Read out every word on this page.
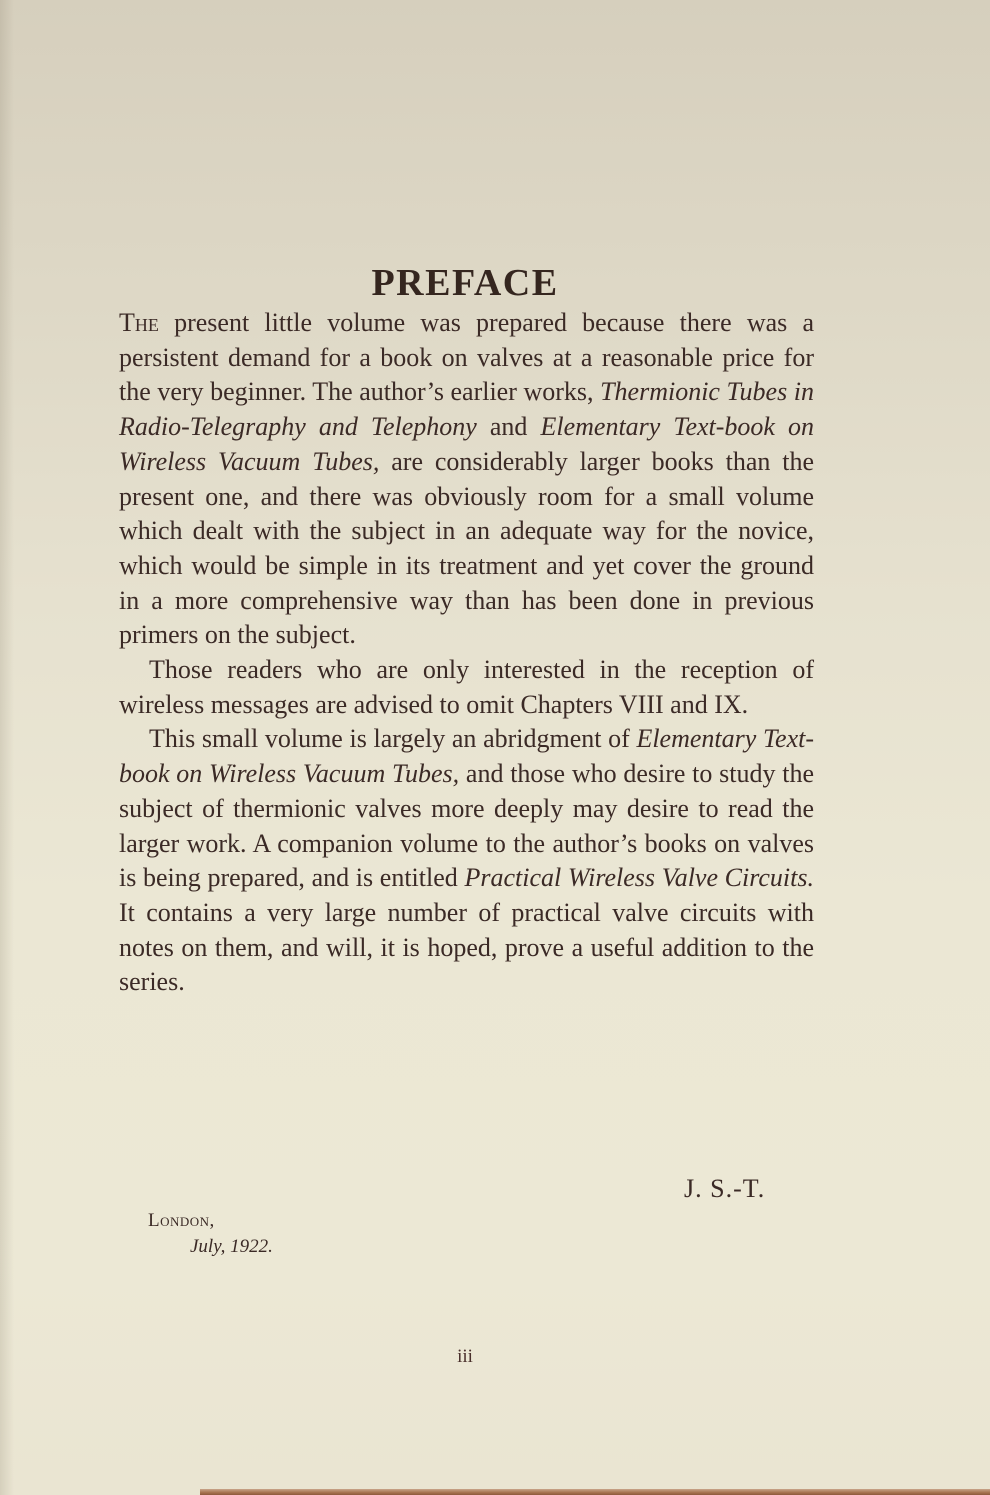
PREFACE

The present little volume was prepared because there was a persistent demand for a book on valves at a reasonable price for the very beginner. The author’s earlier works, Thermionic Tubes in Radio-Telegraphy and Telephony and Elementary Text-book on Wireless Vacuum Tubes, are considerably larger books than the present one, and there was obviously room for a small volume which dealt with the subject in an adequate way for the novice, which would be simple in its treatment and yet cover the ground in a more comprehensive way than has been done in previous primers on the subject.

Those readers who are only interested in the reception of wireless messages are advised to omit Chapters VIII and IX.

This small volume is largely an abridgment of Elementary Text-book on Wireless Vacuum Tubes, and those who desire to study the subject of thermionic valves more deeply may desire to read the larger work. A companion volume to the author’s books on valves is being prepared, and is entitled Practical Wireless Valve Circuits. It contains a very large number of practical valve circuits with notes on them, and will, it is hoped, prove a useful addition to the series.

J. S.-T.
London,
July, 1922.
iii
